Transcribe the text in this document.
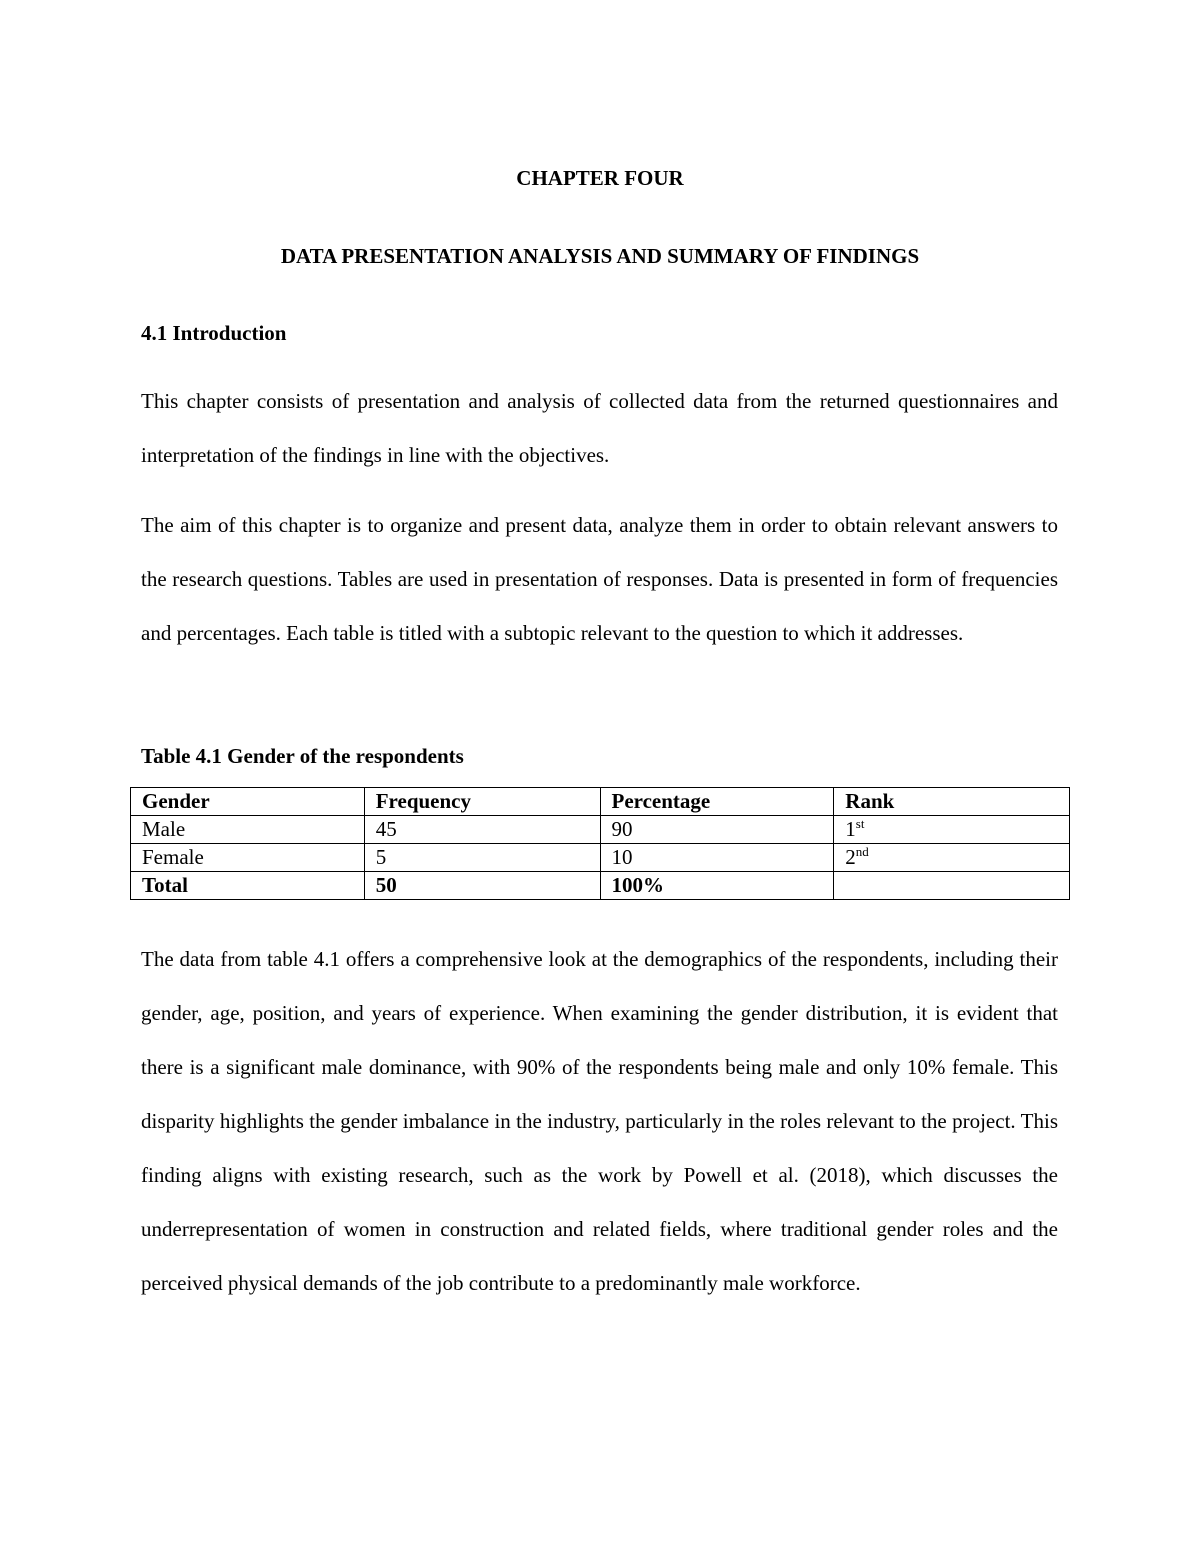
CHAPTER FOUR

DATA PRESENTATION ANALYSIS AND SUMMARY OF FINDINGS

4.1 Introduction

This chapter consists of presentation and analysis of collected data from the returned questionnaires and interpretation of the findings in line with the objectives.

The aim of this chapter is to organize and present data, analyze them in order to obtain relevant answers to the research questions. Tables are used in presentation of responses. Data is presented in form of frequencies and percentages. Each table is titled with a subtopic relevant to the question to which it addresses.

Table 4.1 Gender of the respondents

Gender	Frequency	Percentage	Rank
Male	45	90	1st
Female	5	10	2nd
Total	50	100%	

The data from table 4.1 offers a comprehensive look at the demographics of the respondents, including their gender, age, position, and years of experience. When examining the gender distribution, it is evident that there is a significant male dominance, with 90% of the respondents being male and only 10% female. This disparity highlights the gender imbalance in the industry, particularly in the roles relevant to the project. This finding aligns with existing research, such as the work by Powell et al. (2018), which discusses the underrepresentation of women in construction and related fields, where traditional gender roles and the perceived physical demands of the job contribute to a predominantly male workforce.
